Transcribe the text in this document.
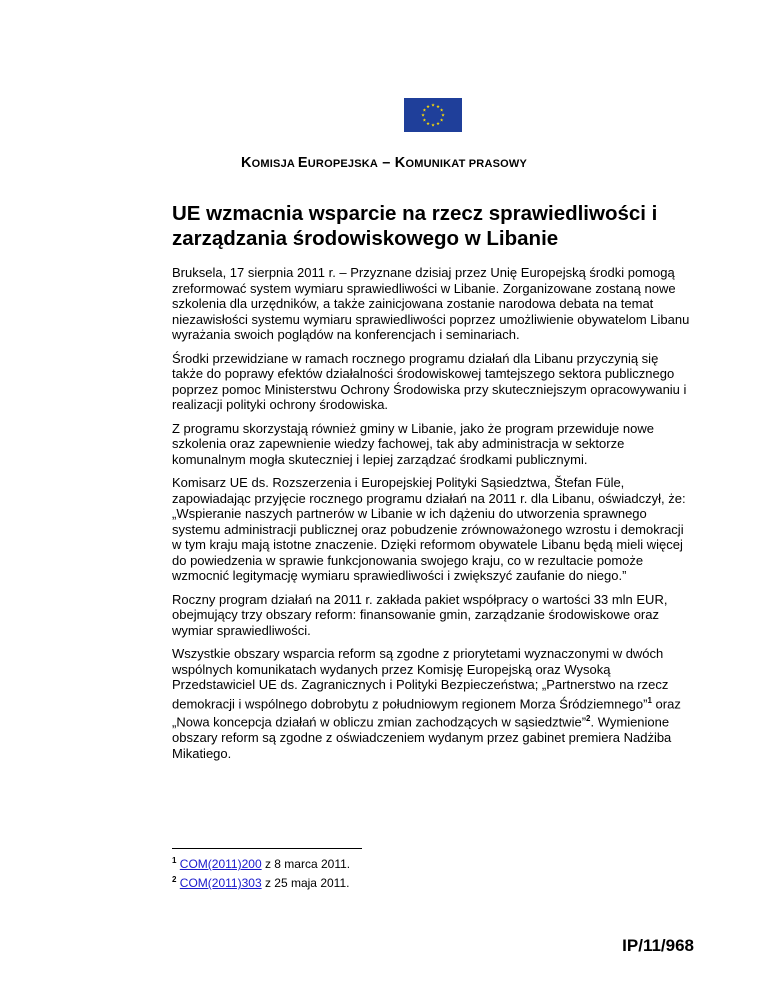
★ ★
★
★
★
★
★
★
★
★
★
★
KOMISJA EUROPEJSKA – KOMUNIKAT PRASOWY
UE wzmacnia wsparcie na rzecz sprawiedliwości i zarządzania środowiskowego w Libanie

Bruksela, 17 sierpnia 2011 r. – Przyznane dzisiaj przez Unię Europejską środki pomogą zreformować system wymiaru sprawiedliwości w Libanie. Zorganizowane zostaną nowe szkolenia dla urzędników, a także zainicjowana zostanie narodowa debata na temat niezawisłości systemu wymiaru sprawiedliwości poprzez umożliwienie obywatelom Libanu wyrażania swoich poglądów na konferencjach i seminariach.

Środki przewidziane w ramach rocznego programu działań dla Libanu przyczynią się także do poprawy efektów działalności środowiskowej tamtejszego sektora publicznego poprzez pomoc Ministerstwu Ochrony Środowiska przy skuteczniejszym opracowywaniu i realizacji polityki ochrony środowiska.

Z programu skorzystają również gminy w Libanie, jako że program przewiduje nowe szkolenia oraz zapewnienie wiedzy fachowej, tak aby administracja w sektorze komunalnym mogła skuteczniej i lepiej zarządzać środkami publicznymi.

Komisarz UE ds. Rozszerzenia i Europejskiej Polityki Sąsiedztwa, Štefan Füle, zapowiadając przyjęcie rocznego programu działań na 2011 r. dla Libanu, oświadczył, że: „Wspieranie naszych partnerów w Libanie w ich dążeniu do utworzenia sprawnego systemu administracji publicznej oraz pobudzenie zrównoważonego wzrostu i demokracji w tym kraju mają istotne znaczenie. Dzięki reformom obywatele Libanu będą mieli więcej do powiedzenia w sprawie funkcjonowania swojego kraju, co w rezultacie pomoże wzmocnić legitymację wymiaru sprawiedliwości i zwiększyć zaufanie do niego.”

Roczny program działań na 2011 r. zakłada pakiet współpracy o wartości 33 mln EUR, obejmujący trzy obszary reform: finansowanie gmin, zarządzanie środowiskowe oraz wymiar sprawiedliwości.

Wszystkie obszary wsparcia reform są zgodne z priorytetami wyznaczonymi w dwóch wspólnych komunikatach wydanych przez Komisję Europejską oraz Wysoką Przedstawiciel UE ds. Zagranicznych i Polityki Bezpieczeństwa; „Partnerstwo na rzecz demokracji i wspólnego dobrobytu z południowym regionem Morza Śródziemnego”$^1$ oraz „Nowa koncepcja działań w obliczu zmian zachodzących w sąsiedztwie”$^2$. Wymienione obszary reform są zgodne z oświadczeniem wydanym przez gabinet premiera Nadżiba Mikatiego.

$^1$ COM(2011)200 z 8 marca 2011.
$^2$ COM(2011)303 z 25 maja 2011.
IP/11/968
